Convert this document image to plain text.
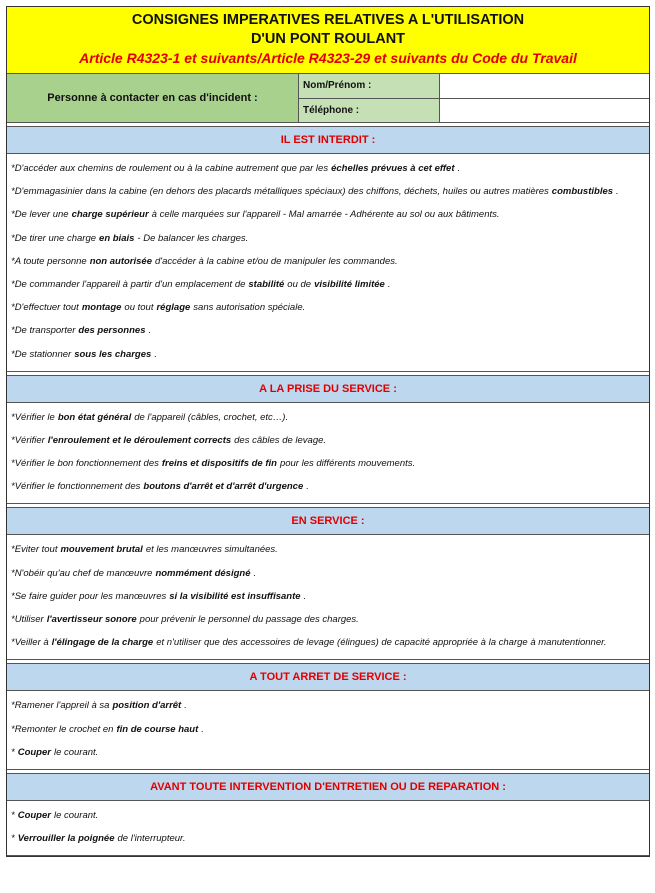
CONSIGNES IMPERATIVES RELATIVES A L'UTILISATION
D'UN PONT ROULANT
Article R4323-1 et suivants/Article R4323-29 et suivants du Code du Travail
Personne à contacter en cas d'incident :
Nom/Prénom :
Téléphone :
IL EST INTERDIT :
*D'accéder aux chemins de roulement ou à la cabine autrement que par les échelles prévues à cet effet .
*D'emmagasinier dans la cabine (en dehors des placards métalliques spéciaux) des chiffons, déchets, huiles ou autres matières combustibles .
*De lever une charge supérieur à celle marquées sur l'appareil - Mal amarrée - Adhérente au sol ou aux bâtiments.
*De tirer une charge en biais - De balancer les charges.
*A toute personne non autorisée d'accéder à la cabine et/ou de manipuler les commandes.
*De commander l'appareil à partir d'un emplacement de stabilité ou de visibilité limitée .
*D'effectuer tout montage ou tout réglage sans autorisation spéciale.
*De transporter des personnes .
*De stationner sous les charges .
A LA PRISE DU SERVICE :
*Vérifier le bon état général de l'appareil (câbles, crochet, etc…).
*Vérifier l'enroulement et le déroulement corrects des câbles de levage.
*Vérifier le bon fonctionnement des freins et dispositifs de fin pour les différents mouvements.
*Vérifier le fonctionnement des boutons d'arrêt et d'arrêt d'urgence .
EN SERVICE :
*Eviter tout mouvement brutal et les manœuvres simultanées.
*N'obéir qu'au chef de manœuvre nommément désigné .
*Se faire guider pour les manœuvres si la visibilité est insuffisante .
*Utiliser l'avertisseur sonore pour prévenir le personnel du passage des charges.
*Veiller à l'élingage de la charge et n'utiliser que des accessoires de levage (élingues) de capacité appropriée à la charge à manutentionner.
A TOUT ARRET DE SERVICE :
*Ramener l'appreil à sa position d'arrêt .
*Remonter le crochet en fin de course haut .
* Couper le courant.
AVANT TOUTE INTERVENTION D'ENTRETIEN OU DE REPARATION :
* Couper le courant.
* Verrouiller la poignée de l'interrupteur.
